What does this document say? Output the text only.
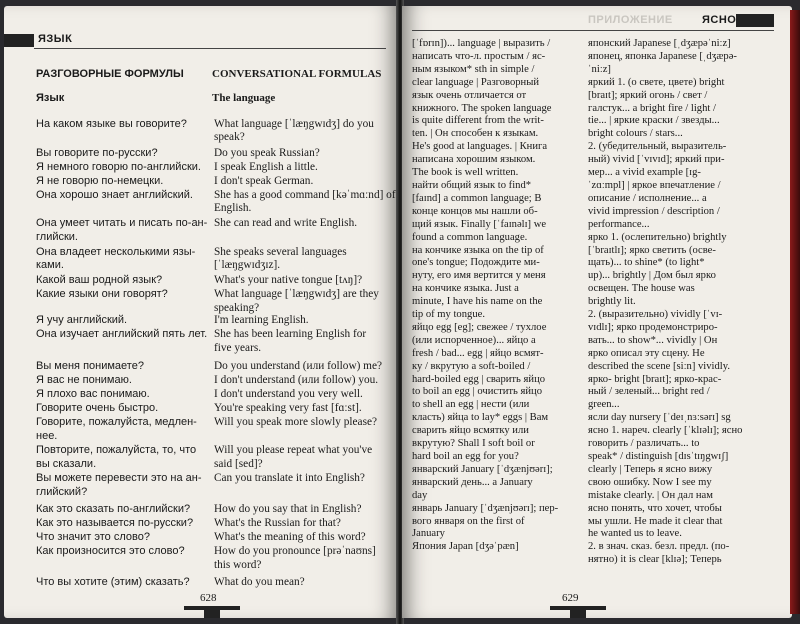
ЯЗЫК
РАЗГОВОРНЫЕ ФОРМУЛЫ	CONVERSATIONAL FORMULAS
Язык	The language
На каком языке вы говорите? What language [ˈlæŋgwɪdʒ] do you
speak?
Вы говорите по-русски?	Do you speak Russian?
Я немного говорю по-английски. I speak English a little.
Я не говорю по-немецки.	I don't speak German.
Она хорошо знает английский. She has a good command [kəˈmɑːnd] of
English.
Она умеет читать и писать по-ан- She can read and write English.
глийски.
Она владеет несколькими язы- She speaks several languages
ками.	[ˈlæŋgwɪdʒɪz].
Какой ваш родной язык?	What's your native tongue [tʌŋ]?
Какие языки они говорят?	What language [ˈlæŋgwɪdʒ] are they
speaking?
Я учу английский.	I'm learning English.
Она изучает английский пять лет. She has been learning English for
five years.
Вы меня понимаете?	Do you understand (или follow) me?
Я вас не понимаю.	I don't understand (или follow) you.
Я плохо вас понимаю.	I don't understand you very well.
Говорите очень быстро.	You're speaking very fast [fɑːst].
Говорите, пожалуйста, медлен- Will you speak more slowly please?
нее.
Повторите, пожалуйста, то, что Will you please repeat what you've
вы сказали.	said [sed]?
Вы можете перевести это на ан- Can you translate it into English?
глийский?
Как это сказать по-английски? How do you say that in English?
Как это называется по-русски? What's the Russian for that?
Что значит это слово?	What's the meaning of this word?
Как произносится это слово?	How do you pronounce [prəˈnaʊns]
this word?
Что вы хотите (этим) сказать? What do you mean?
628
ПРИЛОЖЕНИЕ	ЯСНО

[ˈfɒrɪn])... language | выразить /

написать что-л. простым / яс-

ным языком* sth in simple /

clear language | Разговорный

язык очень отличается от

книжного. The spoken language

is quite different from the writ-

ten. | Он способен к языкам.

He's good at languages. | Книга

написана хорошим языком.

The book is well written.

найти общий язык to find*

[faɪnd] a common language; В

конце концов мы нашли об-

щий язык. Finally [ˈfaɪnəlɪ] we

found a common language.

на кончике языка on the tip of

one's tongue; Подождите ми-

нуту, его имя вертится у меня

на кончике языка. Just a

minute, I have his name on the

tip of my tongue.

яйцо egg [eg]; свежее / тухлое

(или испорченное)... яйцо a

fresh / bad... egg | яйцо всмят-

ку / вкрутую a soft-boiled /

hard-boiled egg | сварить яйцо

to boil an egg | очистить яйцо

to shell an egg | нести (или

класть) яйца to lay* eggs | Вам

сварить яйцо всмятку или

вкрутую? Shall I soft boil or

hard boil an egg for you?

январский January [ˈdʒænjʊərɪ];

январский день... a January

day

январь January [ˈdʒænjʊərɪ]; пер-

вого января on the first of

January

Япония Japan [dʒəˈpæn]

японский Japanese [ˌdʒæpəˈniːz]

японец, японка Japanese [ˌdʒæpə-

ˈniːz]

яркий 1. (о свете, цвете) bright

[braɪt]; яркий огонь / свет /

галстук... a bright fire / light /

tie... | яркие краски / звезды...

bright colours / stars...

2. (убедительный, выразитель-

ный) vivid [ˈvɪvɪd]; яркий при-

мер... a vivid example [ɪg-

ˈzɑːmpl] | яркое впечатление /

описание / исполнение... a

vivid impression / description /

performance...

ярко 1. (ослепительно) brightly

[ˈbraɪtlɪ]; ярко светить (осве-

щать)... to shine* (to light*

up)... brightly | Дом был ярко

освещен. The house was

brightly lit.

2. (выразительно) vividly [ˈvɪ-

vɪdlɪ]; ярко продемонстриро-

вать... to show*... vividly | Он

ярко описал эту сцену. He

described the scene [siːn] vividly.

ярко- bright [braɪt]; ярко-крас-

ный / зеленый... bright red /

green...

ясли day nursery [ˈdeɪˌnɜːsərɪ] sg

ясно 1. нареч. clearly [ˈklɪəlɪ]; ясно

говорить / различать... to

speak* / distinguish [dɪsˈtɪŋgwɪʃ]

clearly | Теперь я ясно вижу

свою ошибку. Now I see my

mistake clearly. | Он дал нам

ясно понять, что хочет, чтобы

мы ушли. He made it clear that

he wanted us to leave.

2. в знач. сказ. безл. предл. (по-

нятно) it is clear [klɪə]; Теперь

629
